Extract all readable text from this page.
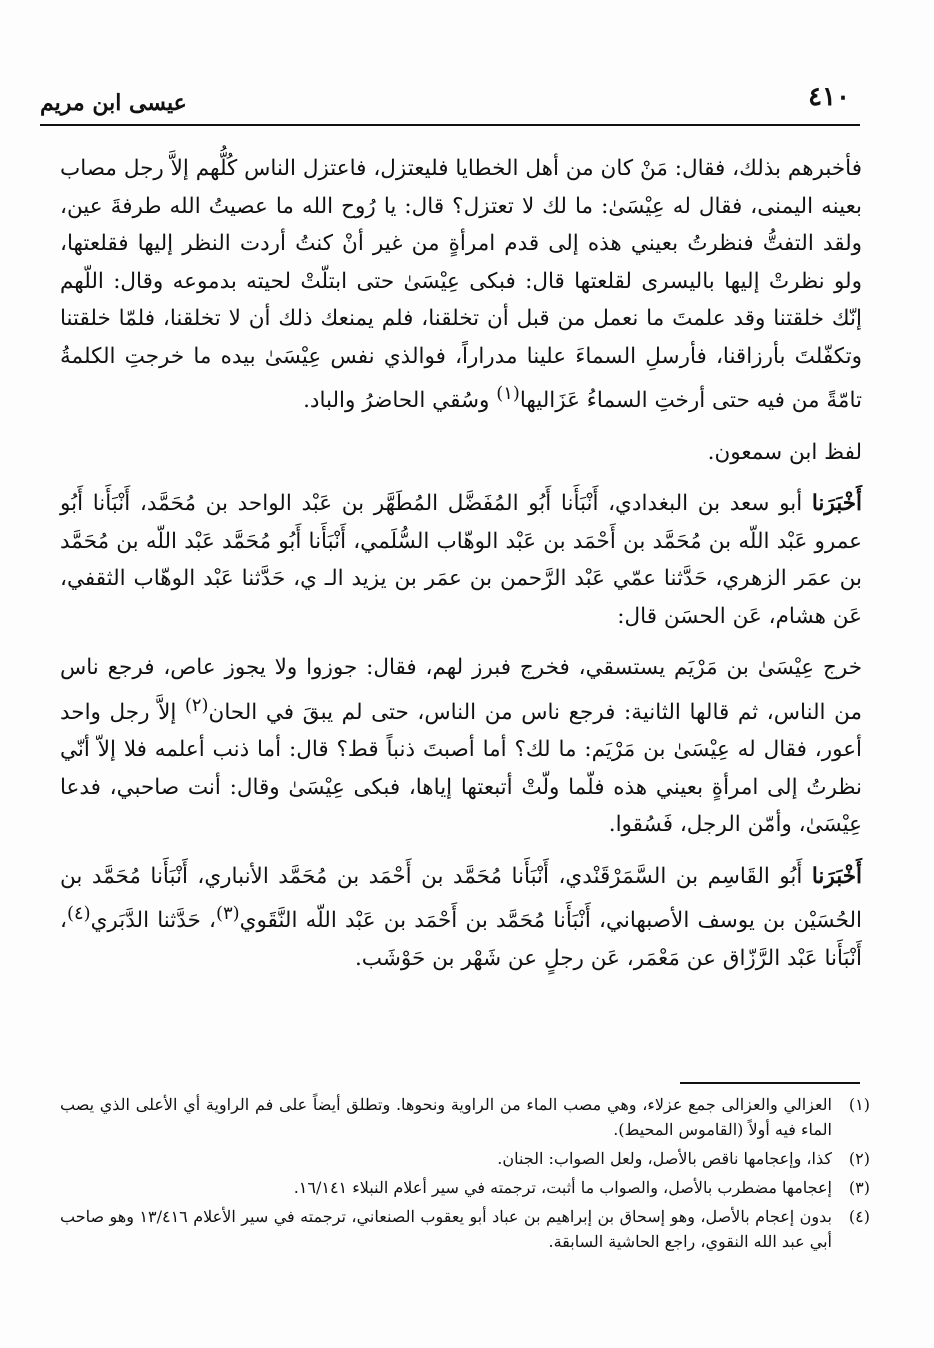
٤١٠
عيسى ابن مريم

فأخبرهم بذلك، فقال: مَنْ كان من أهل الخطايا فليعتزل، فاعتزل الناس كُلُّهم إلاَّ رجل مصاب بعينه اليمنى، فقال له عِيْسَىٰ: ما لك لا تعتزل؟ قال: يا رُوح الله ما عصيتُ الله طرفةَ عين، ولقد التفتُّ فنظرتُ بعيني هذه إلى قدم امرأةٍ من غير أنْ كنتُ أردت النظر إليها فقلعتها، ولو نظرتْ إليها باليسرى لقلعتها قال: فبكى عِيْسَىٰ حتى ابتلّتْ لحيته بدموعه وقال: اللّهم إنّك خلقتنا وقد علمتَ ما نعمل من قبل أن تخلقنا، فلم يمنعك ذلك أن لا تخلقنا، فلمّا خلقتنا وتكفّلتَ بأرزاقنا، فأرسلِ السماءَ علينا مدراراً، فوالذي نفس عِيْسَىٰ بيده ما خرجتِ الكلمةُ تامّةً من فيه حتى أرختِ السماءُ عَزَاليها$^{(١)}$ وسُقي الحاضرُ والباد.

لفظ ابن سمعون.

أَخْبَرَنا أبو سعد بن البغدادي، أَنْبَأَنا أَبُو المُفَضَّل المُطَهَّر بن عَبْد الواحد بن مُحَمَّد، أَنْبَأَنا أَبُو عمرو عَبْد اللّه بن مُحَمَّد بن أَحْمَد بن عَبْد الوهّاب السُّلَمي، أَنْبَأَنا أَبُو مُحَمَّد عَبْد اللّه بن مُحَمَّد بن عمَر الزهري، حَدَّثنا عمّي عَبْد الرَّحمن بن عمَر بن يزيد الـ ي، حَدَّثنا عَبْد الوهّاب الثقفي، عَن هشام، عَن الحسَن قال:

خرج عِيْسَىٰ بن مَرْيَم يستسقي، فخرج فبرز لهم، فقال: جوزوا ولا يجوز عاص، فرجع ناس من الناس، ثم قالها الثانية: فرجع ناس من الناس، حتى لم يبقَ في الحان$^{(٢)}$ إلاَّ رجل واحد أعور، فقال له عِيْسَىٰ بن مَرْيَم: ما لك؟ أما أصبتَ ذنباً قط؟ قال: أما ذنب أعلمه فلا إلاّ أنّي نظرتُ إلى امرأةٍ بعيني هذه فلّما ولّتْ أتبعتها إياها، فبكى عِيْسَىٰ وقال: أنت صاحبي، فدعا عِيْسَىٰ، وأمّن الرجل، فَسُقوا.

أَخْبَرَنا أَبُو القَاسِم بن السَّمَرْقَنْدي، أَنْبَأَنا مُحَمَّد بن أَحْمَد بن مُحَمَّد الأنباري، أَنْبَأَنا مُحَمَّد بن الحُسَيْن بن يوسف الأصبهاني، أَنْبَأَنا مُحَمَّد بن أَحْمَد بن عَبْد اللّه النَّقَوي$^{(٣)}$، حَدَّثنا الدَّبَري$^{(٤)}$، أَنْبَأَنا عَبْد الرَّزّاق عن مَعْمَر، عَن رجلٍ عن شَهْر بن حَوْشَب.

(١)
العزالي والعزالى جمع عزلاء، وهي مصب الماء من الراوية ونحوها. وتطلق أيضاً على فم الراوية أي الأعلى الذي يصب الماء فيه أولاً (القاموس المحيط).
(٢)
كذا، وإعجامها ناقص بالأصل، ولعل الصواب: الجنان.
(٣)
إعجامها مضطرب بالأصل، والصواب ما أثبت، ترجمته في سير أعلام النبلاء ١٦/١٤١.
(٤)
بدون إعجام بالأصل، وهو إسحاق بن إبراهيم بن عباد أبو يعقوب الصنعاني، ترجمته في سير الأعلام ١٣/٤١٦ وهو صاحب أبي عبد الله النقوي، راجع الحاشية السابقة.
